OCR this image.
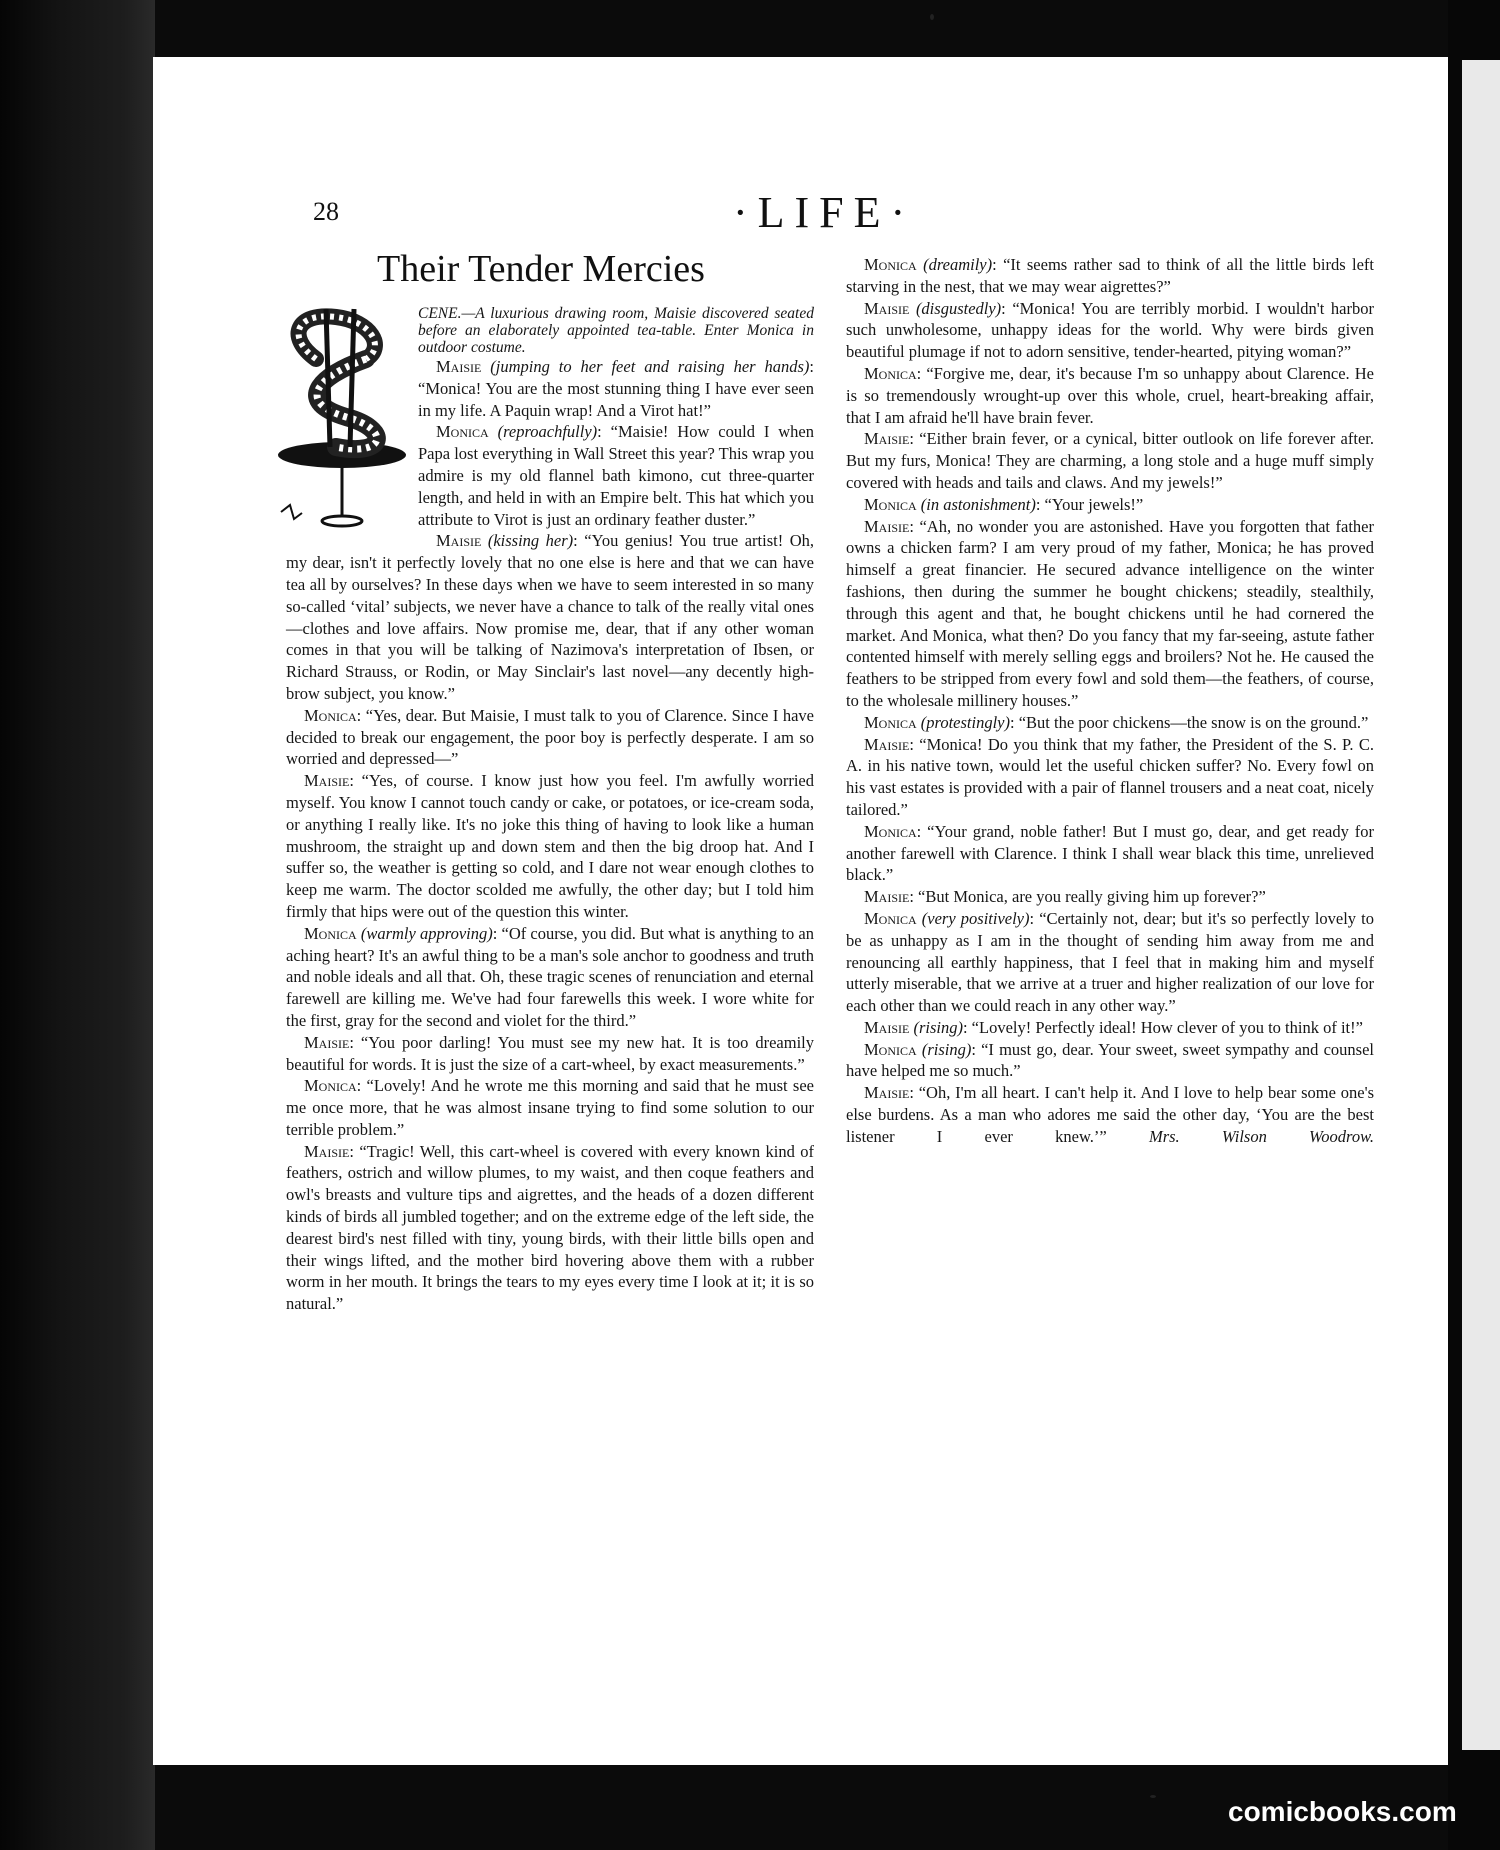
28	·LIFE·
Their Tender Mercies

CENE.—A luxurious drawing room, Maisie discovered seated before an elaborately appointed tea-table. Enter Monica in outdoor costume.

Maisie (jumping to her feet and raising her hands): “Monica! You are the most stunning thing I have ever seen in my life. A Paquin wrap! And a Virot hat!”

Monica (reproachfully): “Maisie! How could I when Papa lost everything in Wall Street this year? This wrap you admire is my old flannel bath kimono, cut three-quarter length, and held in with an Empire belt. This hat which you attribute to Virot is just an ordinary feather duster.”

Maisie (kissing her): “You genius! You true artist! Oh, my dear, isn't it perfectly lovely that no one else is here and that we can have tea all by ourselves? In these days when we have to seem interested in so many so-called ‘vital’ subjects, we never have a chance to talk of the really vital ones—clothes and love affairs. Now promise me, dear, that if any other woman comes in that you will be talking of Nazimova's interpretation of Ibsen, or Richard Strauss, or Rodin, or May Sinclair's last novel—any decently high-brow subject, you know.”

Monica: “Yes, dear. But Maisie, I must talk to you of Clarence. Since I have decided to break our engagement, the poor boy is perfectly desperate. I am so worried and depressed—”

Maisie: “Yes, of course. I know just how you feel. I'm awfully worried myself. You know I cannot touch candy or cake, or potatoes, or ice-cream soda, or anything I really like. It's no joke this thing of having to look like a human mushroom, the straight up and down stem and then the big droop hat. And I suffer so, the weather is getting so cold, and I dare not wear enough clothes to keep me warm. The doctor scolded me awfully, the other day; but I told him firmly that hips were out of the question this winter.

Monica (warmly approving): “Of course, you did. But what is anything to an aching heart? It's an awful thing to be a man's sole anchor to goodness and truth and noble ideals and all that. Oh, these tragic scenes of renunciation and eternal farewell are killing me. We've had four farewells this week. I wore white for the first, gray for the second and violet for the third.”

Maisie: “You poor darling! You must see my new hat. It is too dreamily beautiful for words. It is just the size of a cart-wheel, by exact measurements.”

Monica: “Lovely! And he wrote me this morning and said that he must see me once more, that he was almost insane trying to find some solution to our terrible problem.”

Maisie: “Tragic! Well, this cart-wheel is covered with every known kind of feathers, ostrich and willow plumes, to my waist, and then coque feathers and owl's breasts and vulture tips and aigrettes, and the heads of a dozen different kinds of birds all jumbled together; and on the extreme edge of the left side, the dearest bird's nest filled with tiny, young birds, with their little bills open and their wings lifted, and the mother bird hovering above them with a rubber worm in her mouth. It brings the tears to my eyes every time I look at it; it is so natural.”

Monica (dreamily): “It seems rather sad to think of all the little birds left starving in the nest, that we may wear aigrettes?”

Maisie (disgustedly): “Monica! You are terribly morbid. I wouldn't harbor such unwholesome, unhappy ideas for the world. Why were birds given beautiful plumage if not to adorn sensitive, tender-hearted, pitying woman?”

Monica: “Forgive me, dear, it's because I'm so unhappy about Clarence. He is so tremendously wrought-up over this whole, cruel, heart-breaking affair, that I am afraid he'll have brain fever.

Maisie: “Either brain fever, or a cynical, bitter outlook on life forever after. But my furs, Monica! They are charming, a long stole and a huge muff simply covered with heads and tails and claws. And my jewels!”

Monica (in astonishment): “Your jewels!”

Maisie: “Ah, no wonder you are astonished. Have you forgotten that father owns a chicken farm? I am very proud of my father, Monica; he has proved himself a great financier. He secured advance intelligence on the winter fashions, then during the summer he bought chickens; steadily, stealthily, through this agent and that, he bought chickens until he had cornered the market. And Monica, what then? Do you fancy that my far-seeing, astute father contented himself with merely selling eggs and broilers? Not he. He caused the feathers to be stripped from every fowl and sold them—the feathers, of course, to the wholesale millinery houses.”

Monica (protestingly): “But the poor chickens—the snow is on the ground.”

Maisie: “Monica! Do you think that my father, the President of the S. P. C. A. in his native town, would let the useful chicken suffer? No. Every fowl on his vast estates is provided with a pair of flannel trousers and a neat coat, nicely tailored.”

Monica: “Your grand, noble father! But I must go, dear, and get ready for another farewell with Clarence. I think I shall wear black this time, unrelieved black.”

Maisie: “But Monica, are you really giving him up forever?”

Monica (very positively): “Certainly not, dear; but it's so perfectly lovely to be as unhappy as I am in the thought of sending him away from me and renouncing all earthly happiness, that I feel that in making him and myself utterly miserable, that we arrive at a truer and higher realization of our love for each other than we could reach in any other way.”

Maisie (rising): “Lovely! Perfectly ideal! How clever of you to think of it!”

Monica (rising): “I must go, dear. Your sweet, sweet sympathy and counsel have helped me so much.”

Maisie: “Oh, I'm all heart. I can't help it. And I love to help bear some one's else burdens. As a man who adores me said the other day, ‘You are the best listener I ever knew.’”	Mrs. Wilson Woodrow.

comicbooks.com
